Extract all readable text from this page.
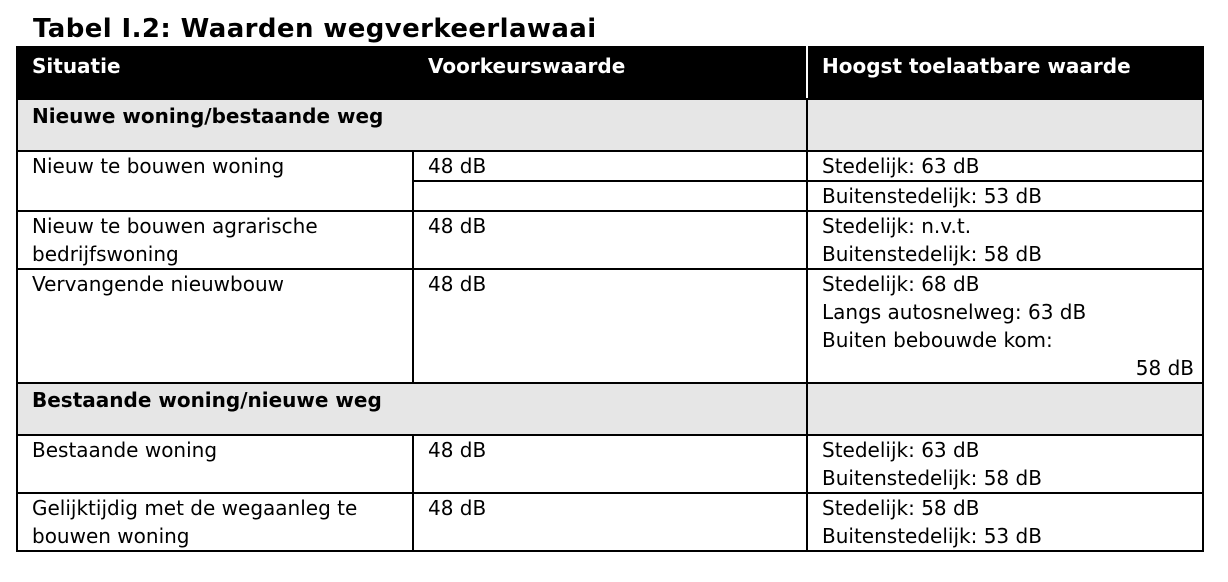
Tabel I.2: Waarden wegverkeerlawaai
Situatie	Voorkeurswaarde	Hoogst toelaatbare waarde
Nieuwe woning/bestaande weg		
Nieuw te bouwen woning	48 dB	Stedelijk: 63 dB
		Buitenstedelijk: 53 dB

Nieuw te bouwen agrarische
bedrijfswoning	48 dB	Stedelijk: n.v.t.
Buitenstedelijk: 58 dB

Vervangende nieuwbouw	48 dB	Stedelijk: 68 dB
Langs autosnelweg: 63 dB
Buiten bebouwde kom:
58 dB

Bestaande woning/nieuwe weg		
Bestaande woning	48 dB	Stedelijk: 63 dB
Buitenstedelijk: 58 dB

Gelijktijdig met de wegaanleg te
bouwen woning	48 dB	Stedelijk: 58 dB
Buitenstedelijk: 53 dB
